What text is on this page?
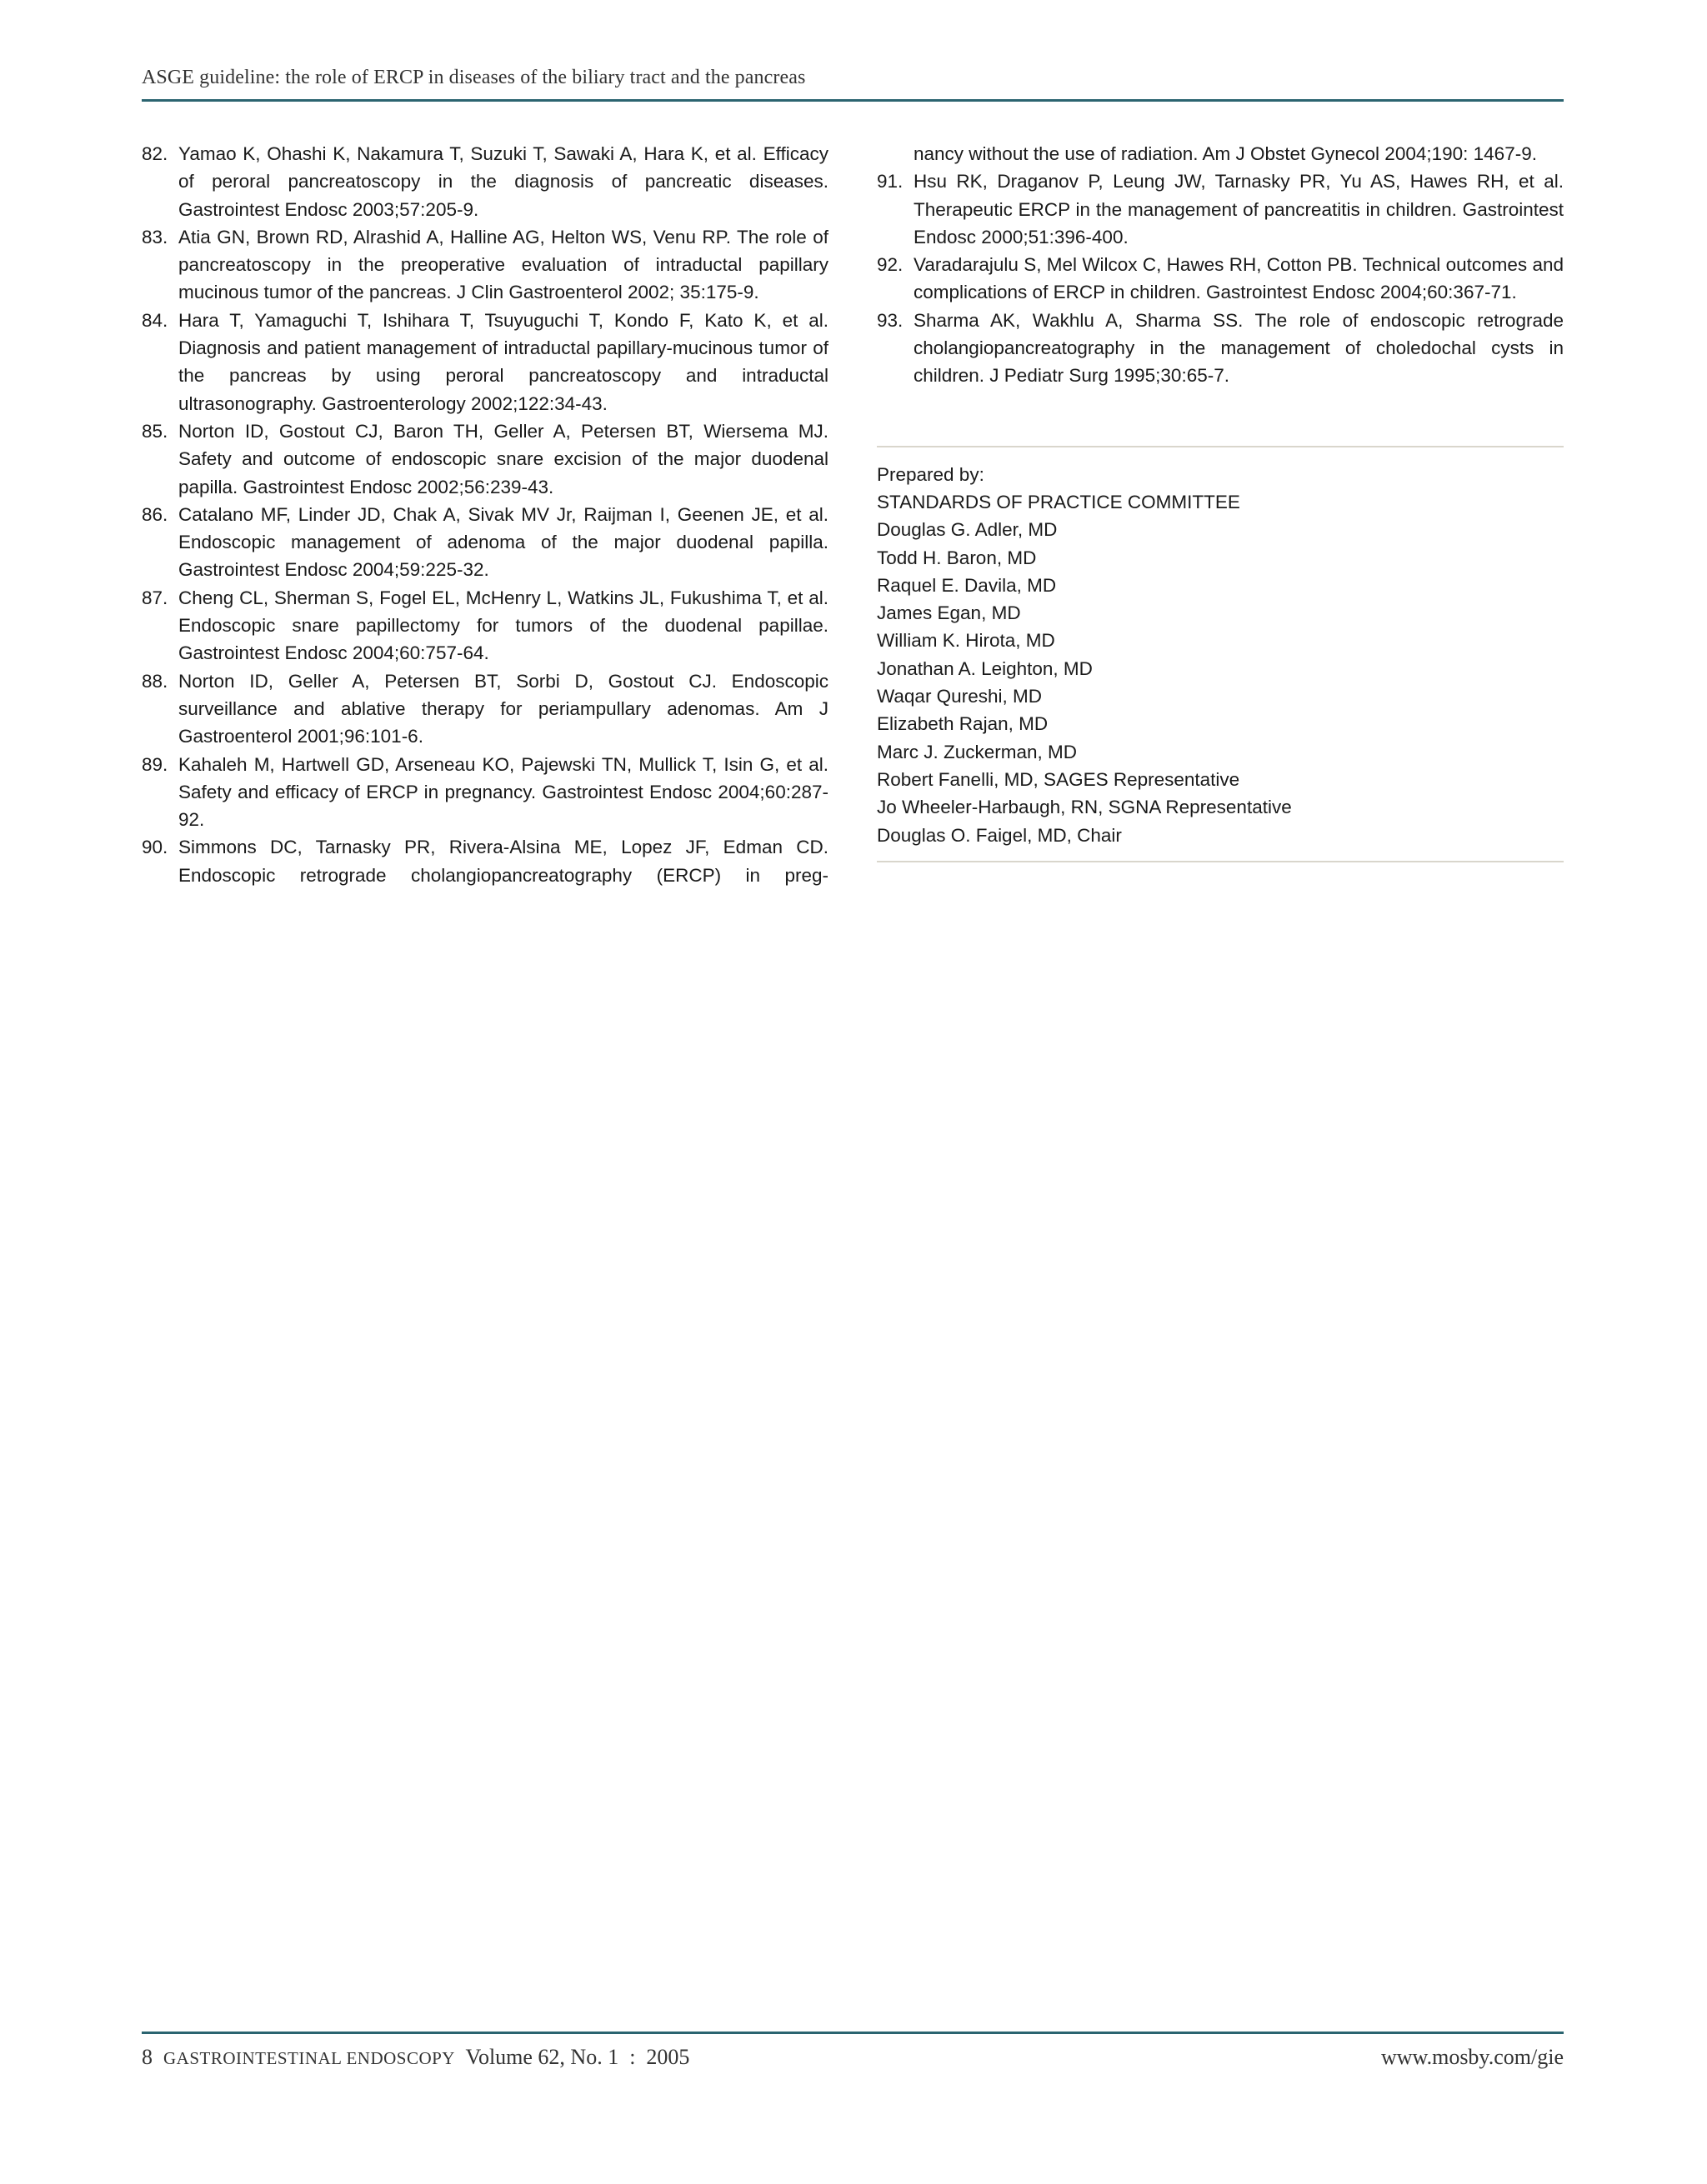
ASGE guideline: the role of ERCP in diseases of the biliary tract and the pancreas
82. Yamao K, Ohashi K, Nakamura T, Suzuki T, Sawaki A, Hara K, et al. Efficacy of peroral pancreatoscopy in the diagnosis of pancreatic diseases. Gastrointest Endosc 2003;57:205-9.
83. Atia GN, Brown RD, Alrashid A, Halline AG, Helton WS, Venu RP. The role of pancreatoscopy in the preoperative evaluation of intraductal papillary mucinous tumor of the pancreas. J Clin Gastroenterol 2002; 35:175-9.
84. Hara T, Yamaguchi T, Ishihara T, Tsuyuguchi T, Kondo F, Kato K, et al. Diagnosis and patient management of intraductal papillary-mucinous tumor of the pancreas by using peroral pancreatoscopy and intraductal ultrasonography. Gastroenterology 2002;122:34-43.
85. Norton ID, Gostout CJ, Baron TH, Geller A, Petersen BT, Wiersema MJ. Safety and outcome of endoscopic snare excision of the major duodenal papilla. Gastrointest Endosc 2002;56:239-43.
86. Catalano MF, Linder JD, Chak A, Sivak MV Jr, Raijman I, Geenen JE, et al. Endoscopic management of adenoma of the major duodenal papilla. Gastrointest Endosc 2004;59:225-32.
87. Cheng CL, Sherman S, Fogel EL, McHenry L, Watkins JL, Fukushima T, et al. Endoscopic snare papillectomy for tumors of the duodenal papillae. Gastrointest Endosc 2004;60:757-64.
88. Norton ID, Geller A, Petersen BT, Sorbi D, Gostout CJ. Endoscopic surveillance and ablative therapy for periampullary adenomas. Am J Gastroenterol 2001;96:101-6.
89. Kahaleh M, Hartwell GD, Arseneau KO, Pajewski TN, Mullick T, Isin G, et al. Safety and efficacy of ERCP in pregnancy. Gastrointest Endosc 2004;60:287-92.
90. Simmons DC, Tarnasky PR, Rivera-Alsina ME, Lopez JF, Edman CD. Endoscopic retrograde cholangiopancreatography (ERCP) in preg-
nancy without the use of radiation. Am J Obstet Gynecol 2004;190: 1467-9.
91. Hsu RK, Draganov P, Leung JW, Tarnasky PR, Yu AS, Hawes RH, et al. Therapeutic ERCP in the management of pancreatitis in children. Gastrointest Endosc 2000;51:396-400.
92. Varadarajulu S, Mel Wilcox C, Hawes RH, Cotton PB. Technical outcomes and complications of ERCP in children. Gastrointest Endosc 2004;60:367-71.
93. Sharma AK, Wakhlu A, Sharma SS. The role of endoscopic retrograde cholangiopancreatography in the management of choledochal cysts in children. J Pediatr Surg 1995;30:65-7.
Prepared by:
STANDARDS OF PRACTICE COMMITTEE
Douglas G. Adler, MD
Todd H. Baron, MD
Raquel E. Davila, MD
James Egan, MD
William K. Hirota, MD
Jonathan A. Leighton, MD
Waqar Qureshi, MD
Elizabeth Rajan, MD
Marc J. Zuckerman, MD
Robert Fanelli, MD, SAGES Representative
Jo Wheeler-Harbaugh, RN, SGNA Representative
Douglas O. Faigel, MD, Chair
8 GASTROINTESTINAL ENDOSCOPY Volume 62, No. 1  :  2005	www.mosby.com/gie
